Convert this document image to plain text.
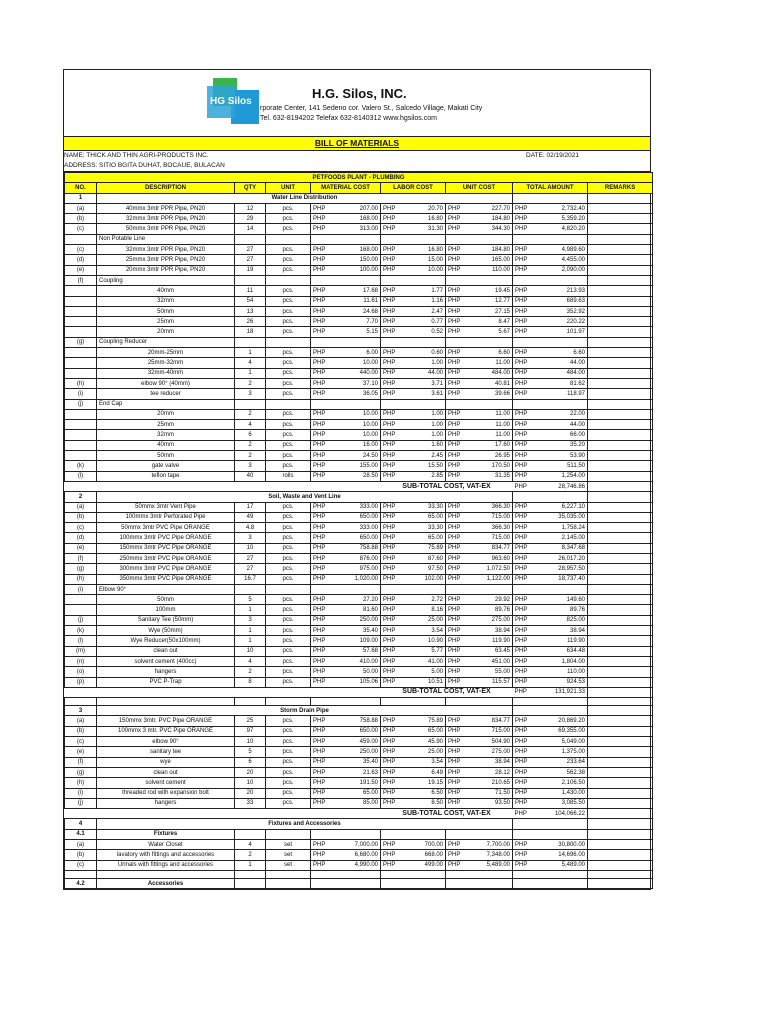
HG Silos
H.G. Silos, INC.
rporate Center, 141 Sedeno cor. Valero St., Salcedo Village, Makati City
Tel. 632-8194202 Telefax 632-8140312 www.hgsilos.com
BILL OF MATERIALS
NAME: THICK AND THIN AGRI-PRODUCTS INC.	DATE: 02/19/2021
ADDRESS: SITIO BGITA DUHAT, BOCAUE, BULACAN
PETFOODS PLANT - PLUMBING								
NO.	DESCRIPTION	QTY	UNIT	MATERIAL COST	LABOR COST	UNIT COST	TOTAL AMOUNT	REMARKS
1	Water Line Distribution							
(a)	40mmx 3mtr PPR Pipe, PN20	12	pcs.	PHP 207.00	PHP 20.70	PHP 227.70	PHP 2,732.40	

(b)	32mmx 3mtr PPR Pipe, PN20	29	pcs.	PHP 168.00	PHP 16.80	PHP 184.80	PHP 5,359.20	

(c)	50mmx 3mtr PPR Pipe, PN20	14	pcs.	PHP 313.00	PHP 31.30	PHP 344.30	PHP 4,820.20	

	Non Potable Line							
(c)	32mmx 3mtr PPR Pipe, PN20	27	pcs.	PHP 168.00	PHP 16.80	PHP 184.80	PHP 4,989.60	

(d)	25mmx 3mtr PPR Pipe, PN20	27	pcs.	PHP 150.00	PHP 15.00	PHP 165.00	PHP 4,455.00	

(e)	20mmx 3mtr PPR Pipe, PN20	19	pcs.	PHP 100.00	PHP 10.00	PHP 110.00	PHP 2,090.00	

(f)	Coupling							
	40mm	11	pcs.	PHP 17.68	PHP 1.77	PHP 19.45	PHP 213.93	

	32mm	54	pcs.	PHP 11.61	PHP 1.16	PHP 12.77	PHP 689.63	

	50mm	13	pcs.	PHP 24.68	PHP 2.47	PHP 27.15	PHP 352.92	

	25mm	26	pcs.	PHP 7.70	PHP 0.77	PHP 8.47	PHP 220.22	

	20mm	18	pcs.	PHP 5.15	PHP 0.52	PHP 5.67	PHP 101.97	

(g)	Coupling Reducer							
	20mm-25mm	1	pcs.	PHP 6.00	PHP 0.60	PHP 6.60	PHP 6.60	

	25mm-32mm	4	pcs.	PHP 10.00	PHP 1.00	PHP 11.00	PHP 44.00	

	32mm-40mm	1	pcs.	PHP 440.00	PHP 44.00	PHP 484.00	PHP 484.00	

(h)	elbow 90° (40mm)	2	pcs.	PHP 37.10	PHP 3.71	PHP 40.81	PHP 81.62	

(i)	tee reducer	3	pcs.	PHP 36.05	PHP 3.61	PHP 39.66	PHP 118.97	

(j)	End Cap							
	20mm	2	pcs.	PHP 10.00	PHP 1.00	PHP 11.00	PHP 22.00	

	25mm	4	pcs.	PHP 10.00	PHP 1.00	PHP 11.00	PHP 44.00	

	32mm	6	pcs.	PHP 10.00	PHP 1.00	PHP 11.00	PHP 66.00	

	40mm	2	pcs.	PHP 16.00	PHP 1.60	PHP 17.60	PHP 35.20	

	50mm	2	pcs.	PHP 24.50	PHP 2.45	PHP 26.95	PHP 53.90	

(k)	gate valve	3	pcs.	PHP 155.00	PHP 15.50	PHP 170.50	PHP 511.50	

(l)	teflon tape	40	rolls	PHP 28.50	PHP 2.85	PHP 31.35	PHP 1,254.00	

					SUB-TOTAL COST, VAT-EX		PHP 28,746.86	

2	Soil, Waste and Vent Line							
(a)	50mmx 3mtr Vent Pipe	17	pcs.	PHP 333.00	PHP 33.30	PHP 366.30	PHP 6,227.10	

(b)	100mmx 3mtr Perforated Pipe	49	pcs.	PHP 650.00	PHP 65.00	PHP 715.00	PHP 35,035.00	

(c)	50mmx 3mtr PVC Pipe ORANGE	4.8	pcs.	PHP 333.00	PHP 33.30	PHP 366.30	PHP 1,758.24	

(d)	100mmx 3mtr PVC Pipe ORANGE	3	pcs.	PHP 650.00	PHP 65.00	PHP 715.00	PHP 2,145.00	

(e)	150mmx 3mtr PVC Pipe ORANGE	10	pcs.	PHP 758.88	PHP 75.89	PHP 834.77	PHP 8,347.68	

(f)	250mmx 3mtr PVC Pipe ORANGE	27	pcs.	PHP 876.00	PHP 87.60	PHP 963.60	PHP 26,017.20	

(g)	300mmx 3mtr PVC Pipe ORANGE	27	pcs.	PHP 975.00	PHP 97.50	PHP 1,072.50	PHP 28,957.50	

(h)	350mmx 3mtr PVC Pipe ORANGE	16.7	pcs.	PHP 1,020.00	PHP 102.00	PHP 1,122.00	PHP 18,737.40	

(i)	Elbow 90°							
	50mm	5	pcs.	PHP 27.20	PHP 2.72	PHP 29.92	PHP 149.60	

	100mm	1	pcs.	PHP 81.60	PHP 8.16	PHP 89.76	PHP 89.76	

(j)	Sanitary Tee (50mm)	3	pcs.	PHP 250.00	PHP 25.00	PHP 275.00	PHP 825.00	

(k)	Wye (50mm)	1	pcs.	PHP 35.40	PHP 3.54	PHP 38.94	PHP 38.94	

(l)	Wye Reducer(50x100mm)	1	pcs.	PHP 109.00	PHP 10.90	PHP 119.90	PHP 119.90	

(m)	clean out	10	pcs.	PHP 57.68	PHP 5.77	PHP 63.45	PHP 634.48	

(n)	solvent cement (400cc)	4	pcs.	PHP 410.00	PHP 41.00	PHP 451.00	PHP 1,804.00	

(o)	hangers	2	pcs.	PHP 50.00	PHP 5.00	PHP 55.00	PHP 110.00	

(p)	PVC P-Trap	8	pcs.	PHP 105.06	PHP 10.51	PHP 115.57	PHP 924.53	

					SUB-TOTAL COST, VAT-EX		PHP 131,921.33	

3	Storm Drain Pipe							
(a)	150mmx 3mtr. PVC Pipe ORANGE	25	pcs.	PHP 758.88	PHP 75.89	PHP 834.77	PHP 20,869.20	

(b)	100mmx 3 mtr. PVC Pipe ORANGE	97	pcs.	PHP 650.00	PHP 65.00	PHP 715.00	PHP 69,355.00	

(c)	elbow 90°	10	pcs.	PHP 459.00	PHP 45.90	PHP 504.90	PHP 5,049.00	

(e)	sanitary tee	5	pcs.	PHP 250.00	PHP 25.00	PHP 275.00	PHP 1,375.00	

(f)	wye	6	pcs.	PHP 35.40	PHP 3.54	PHP 38.94	PHP 233.64	

(g)	clean out	20	pcs.	PHP 21.63	PHP 6.49	PHP 28.12	PHP 562.38	

(h)	solvent cement	10	pcs.	PHP 191.50	PHP 19.15	PHP 210.65	PHP 2,106.50	

(i)	threaded rod with expansion bolt	20	pcs.	PHP 65.00	PHP 6.50	PHP 71.50	PHP 1,430.00	

(j)	hangers	33	pcs.	PHP 85.00	PHP 8.50	PHP 93.50	PHP 3,085.50	

					SUB-TOTAL COST, VAT-EX		PHP 104,066.22	

4	Fixtures and Accessories							
4.1	Fixtures							
(a)	Water Closet	4	set	PHP 7,000.00	PHP 700.00	PHP 7,700.00	PHP 30,800.00	

(b)	lavatory with fittings and accessories	2	set	PHP 6,680.00	PHP 668.00	PHP 7,348.00	PHP 14,696.00	

(c)	Urinals with fittings and accessories	1	set	PHP 4,990.00	PHP 499.00	PHP 5,489.00	PHP 5,489.00	

4.2	Accessories							
